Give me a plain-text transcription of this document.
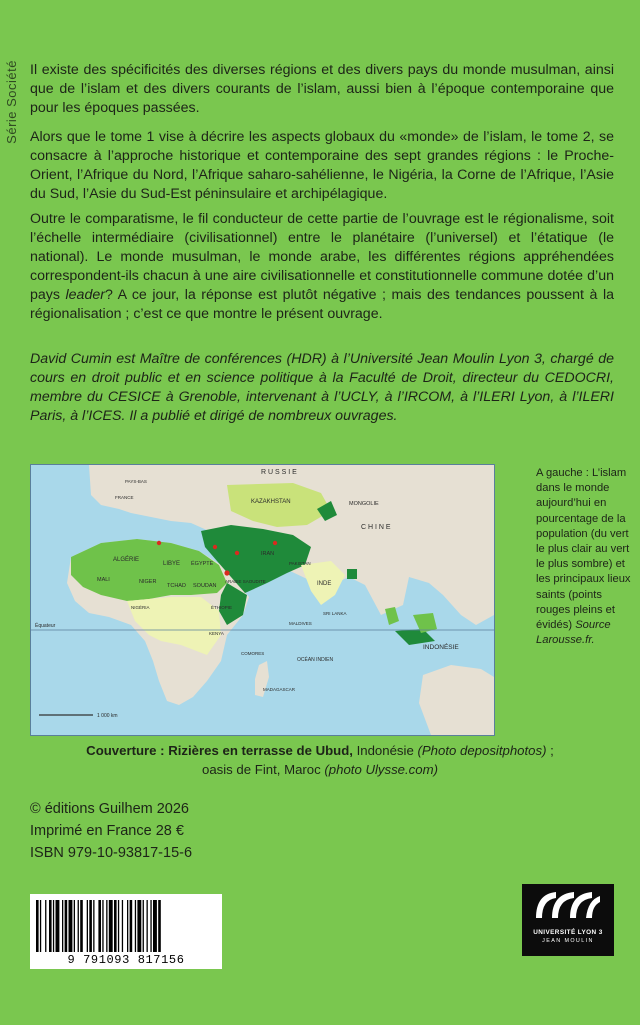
Série Société Il existe des spécificités des diverses régions et des divers pays du monde musulman, ainsi que de l’islam et des divers courants de l’islam, aussi bien à l’époque contemporaine que pour les époques passées.

Alors que le tome 1 vise à décrire les aspects globaux du «monde» de l’islam, le tome 2, se consacre à l’approche historique et contemporaine des sept grandes régions : le Proche-Orient, l’Afrique du Nord, l’Afrique saharo-sahélienne, le Nigéria, la Corne de l’Afrique, l’Asie du Sud, l’Asie du Sud-Est péninsulaire et archipélagique.

Outre le comparatisme, le fil conducteur de cette partie de l’ouvrage est le régionalisme, soit l’échelle intermédiaire (civilisationnel) entre le planétaire (l’universel) et l’étatique (le national). Le monde musulman, le monde arabe, les différentes régions appréhendées correspondent-ils chacun à une aire civilisationnelle et constitutionnelle commune dotée d’un pays leader? A ce jour, la réponse est plutôt négative ; mais des tendances poussent à la régionalisation ; c’est ce que montre le présent ouvrage.

David Cumin est Maître de conférences (HDR) à l’Université Jean Moulin Lyon 3, chargé de cours en droit public et en science politique à la Faculté de Droit, directeur du CEDOCRI, membre du CESICE à Grenoble, intervenant à l’UCLY, à l’IRCOM, à l’ILERI Lyon, à l’ILERI Paris, à l’ICES. Il a publié et dirigé de nombreux ouvrages.

R U S S I E
KAZAKHSTAN	MONGOLIE
C H I N E
PAYS-BAS
FRANCE
IRAN
PAKISTAN
ARABIE SAOUDITE	INDE
ALGÉRIE
LIBYE ÉGYPTE
MALI	NIGER
TCHAD SOUDAN
NIGÉRIA	ÉTHIOPIE
KENYA
MALDIVES
SRI LANKA
OCÉAN INDIEN
COMORES
MADAGASCAR
INDONÉSIE
Équateur
1 000 km
A gauche : L’islam dans le monde aujourd’hui en pourcentage de la population (du vert le plus clair au vert le plus sombre) et les principaux lieux saints (points rouges pleins et évidés) Source Larousse.fr.
Couverture : Rizières en terrasse de Ubud, Indonésie (Photo depositphotos) ;
oasis de Fint, Maroc (photo Ulysse.com)
© éditions Guilhem 2026
Imprimé en France 28 €
ISBN 979-10-93817-15-6
9 791093 817156
UNIVERSITÉ LYON 3
JEAN MOULIN
